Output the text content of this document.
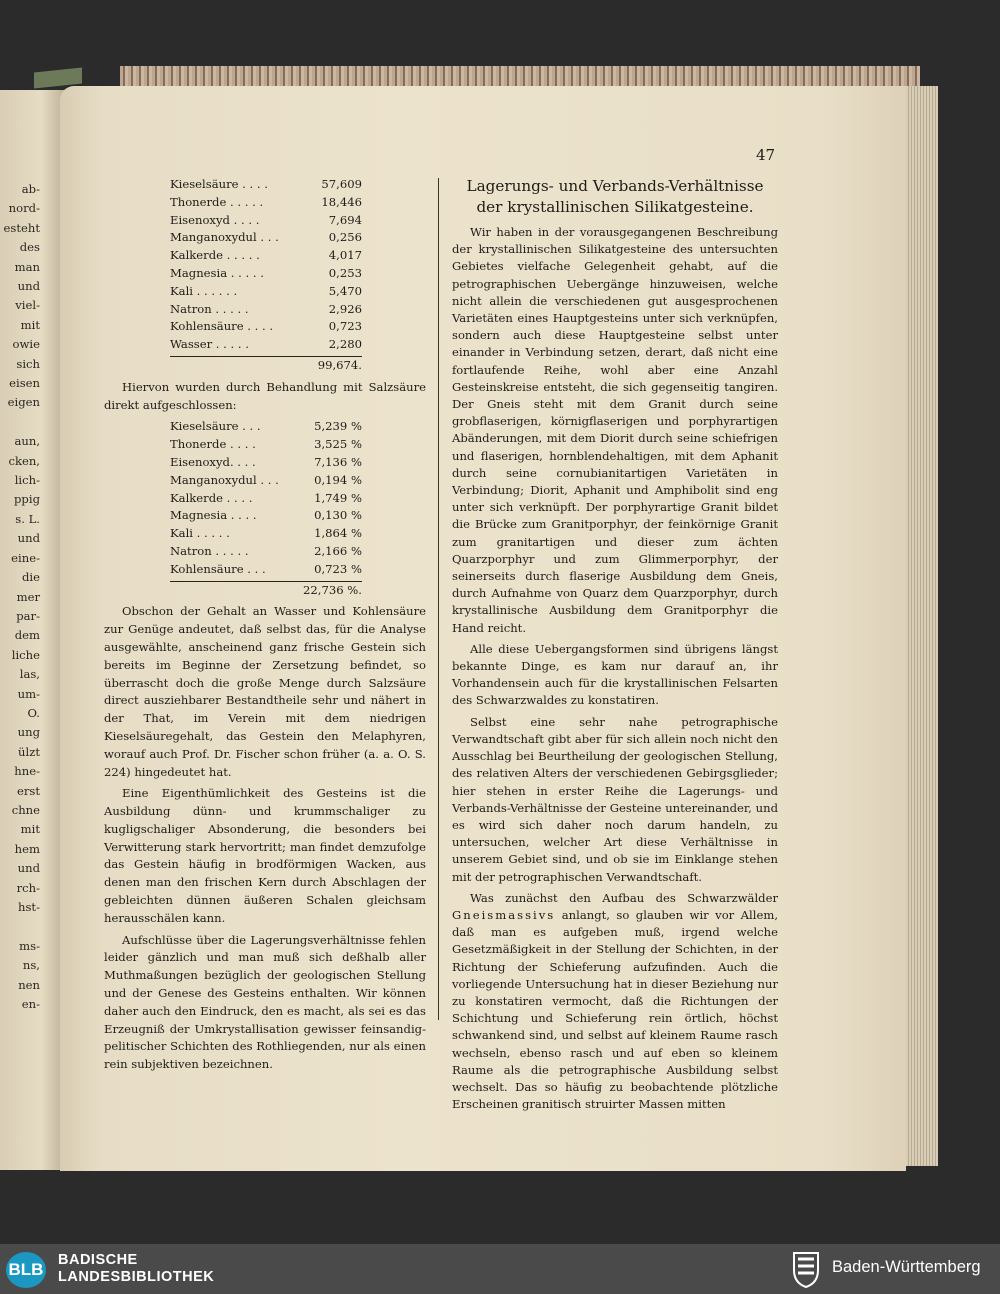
ab-
nord-
esteht
des
man
und
viel-
mit
owie
sich
eisen
eigen
aun,
cken,
lich-
ppig
s. L.
und
eine-
die
mer
par-
dem
liche
las,
um-
O.
ung
ülzt
hne-
erst
chne
mit
hem
und
rch-
hst-
ms-
ns,
nen
en-
47
Kieselsäure . . . .	57,609
Thonerde . . . . .	18,446
Eisenoxyd . . . .	7,694
Manganoxydul . . .	0,256
Kalkerde . . . . .	4,017
Magnesia . . . . .	0,253
Kali . . . . . .	5,470
Natron . . . . .	2,926
Kohlensäure . . . .	0,723
Wasser . . . . .	2,280
99,674.
Hiervon wurden durch Behandlung mit Salzsäure direkt aufgeschlossen:
Kieselsäure . . .	5,239 %
Thonerde . . . .	3,525 %
Eisenoxyd. . . .	7,136 %
Manganoxydul . . .	0,194 %
Kalkerde . . . .	1,749 %
Magnesia . . . .	0,130 %
Kali . . . . .	1,864 %
Natron . . . . .	2,166 %
Kohlensäure . . .	0,723 %
22,736 %.
Obschon der Gehalt an Wasser und Kohlensäure zur Genüge andeutet, daß selbst das, für die Analyse ausgewählte, anscheinend ganz frische Gestein sich bereits im Beginne der Zersetzung befindet, so überrascht doch die große Menge durch Salzsäure direct ausziehbarer Bestandtheile sehr und nähert in der That, im Verein mit dem niedrigen Kieselsäuregehalt, das Gestein den Melaphyren, worauf auch Prof. Dr. Fischer schon früher (a. a. O. S. 224) hingedeutet hat.
Eine Eigenthümlichkeit des Gesteins ist die Ausbildung dünn- und krummschaliger zu kugligschaliger Absonderung, die besonders bei Verwitterung stark hervortritt; man findet demzufolge das Gestein häufig in brodförmigen Wacken, aus denen man den frischen Kern durch Abschlagen der gebleichten dünnen äußeren Schalen gleichsam herausschälen kann.
Aufschlüsse über die Lagerungsverhältnisse fehlen leider gänzlich und man muß sich deßhalb aller Muthmaßungen bezüglich der geologischen Stellung und der Genese des Gesteins enthalten. Wir können daher auch den Eindruck, den es macht, als sei es das Erzeugniß der Umkrystallisation gewisser feinsandig-pelitischer Schichten des Rothliegenden, nur als einen rein subjektiven bezeichnen.
Lagerungs- und Verbands-Verhältnisse
der krystallinischen Silikatgesteine.
Wir haben in der vorausgegangenen Beschreibung der krystallinischen Silikatgesteine des untersuchten Gebietes vielfache Gelegenheit gehabt, auf die petrographischen Uebergänge hinzuweisen, welche nicht allein die verschiedenen gut ausgesprochenen Varietäten eines Hauptgesteins unter sich verknüpfen, sondern auch diese Hauptgesteine selbst unter einander in Verbindung setzen, derart, daß nicht eine fortlaufende Reihe, wohl aber eine Anzahl Gesteinskreise entsteht, die sich gegenseitig tangiren. Der Gneis steht mit dem Granit durch seine grobflaserigen, körnigflaserigen und porphyrartigen Abänderungen, mit dem Diorit durch seine schiefrigen und flaserigen, hornblendehaltigen, mit dem Aphanit durch seine cornubianitartigen Varietäten in Verbindung; Diorit, Aphanit und Amphibolit sind eng unter sich verknüpft. Der porphyrartige Granit bildet die Brücke zum Granitporphyr, der feinkörnige Granit zum granitartigen und dieser zum ächten Quarzporphyr und zum Glimmerporphyr, der seinerseits durch flaserige Ausbildung dem Gneis, durch Aufnahme von Quarz dem Quarzporphyr, durch krystallinische Ausbildung dem Granitporphyr die Hand reicht.
Alle diese Uebergangsformen sind übrigens längst bekannte Dinge, es kam nur darauf an, ihr Vorhandensein auch für die krystallinischen Felsarten des Schwarzwaldes zu konstatiren.
Selbst eine sehr nahe petrographische Verwandtschaft gibt aber für sich allein noch nicht den Ausschlag bei Beurtheilung der geologischen Stellung, des relativen Alters der verschiedenen Gebirgsglieder; hier stehen in erster Reihe die Lagerungs- und Verbands-Verhältnisse der Gesteine untereinander, und es wird sich daher noch darum handeln, zu untersuchen, welcher Art diese Verhältnisse in unserem Gebiet sind, und ob sie im Einklange stehen mit der petrographischen Verwandtschaft.
Was zunächst den Aufbau des Schwarzwälder Gneismassivs anlangt, so glauben wir vor Allem, daß man es aufgeben muß, irgend welche Gesetzmäßigkeit in der Stellung der Schichten, in der Richtung der Schieferung aufzufinden. Auch die vorliegende Untersuchung hat in dieser Beziehung nur zu konstatiren vermocht, daß die Richtungen der Schichtung und Schieferung rein örtlich, höchst schwankend sind, und selbst auf kleinem Raume rasch wechseln, ebenso rasch und auf eben so kleinem Raume als die petrographische Ausbildung selbst wechselt. Das so häufig zu beobachtende plötzliche Erscheinen granitisch struirter Massen mitten
BLB BADISCHE
LANDESBIBLIOTHEK
Baden-Württemberg
